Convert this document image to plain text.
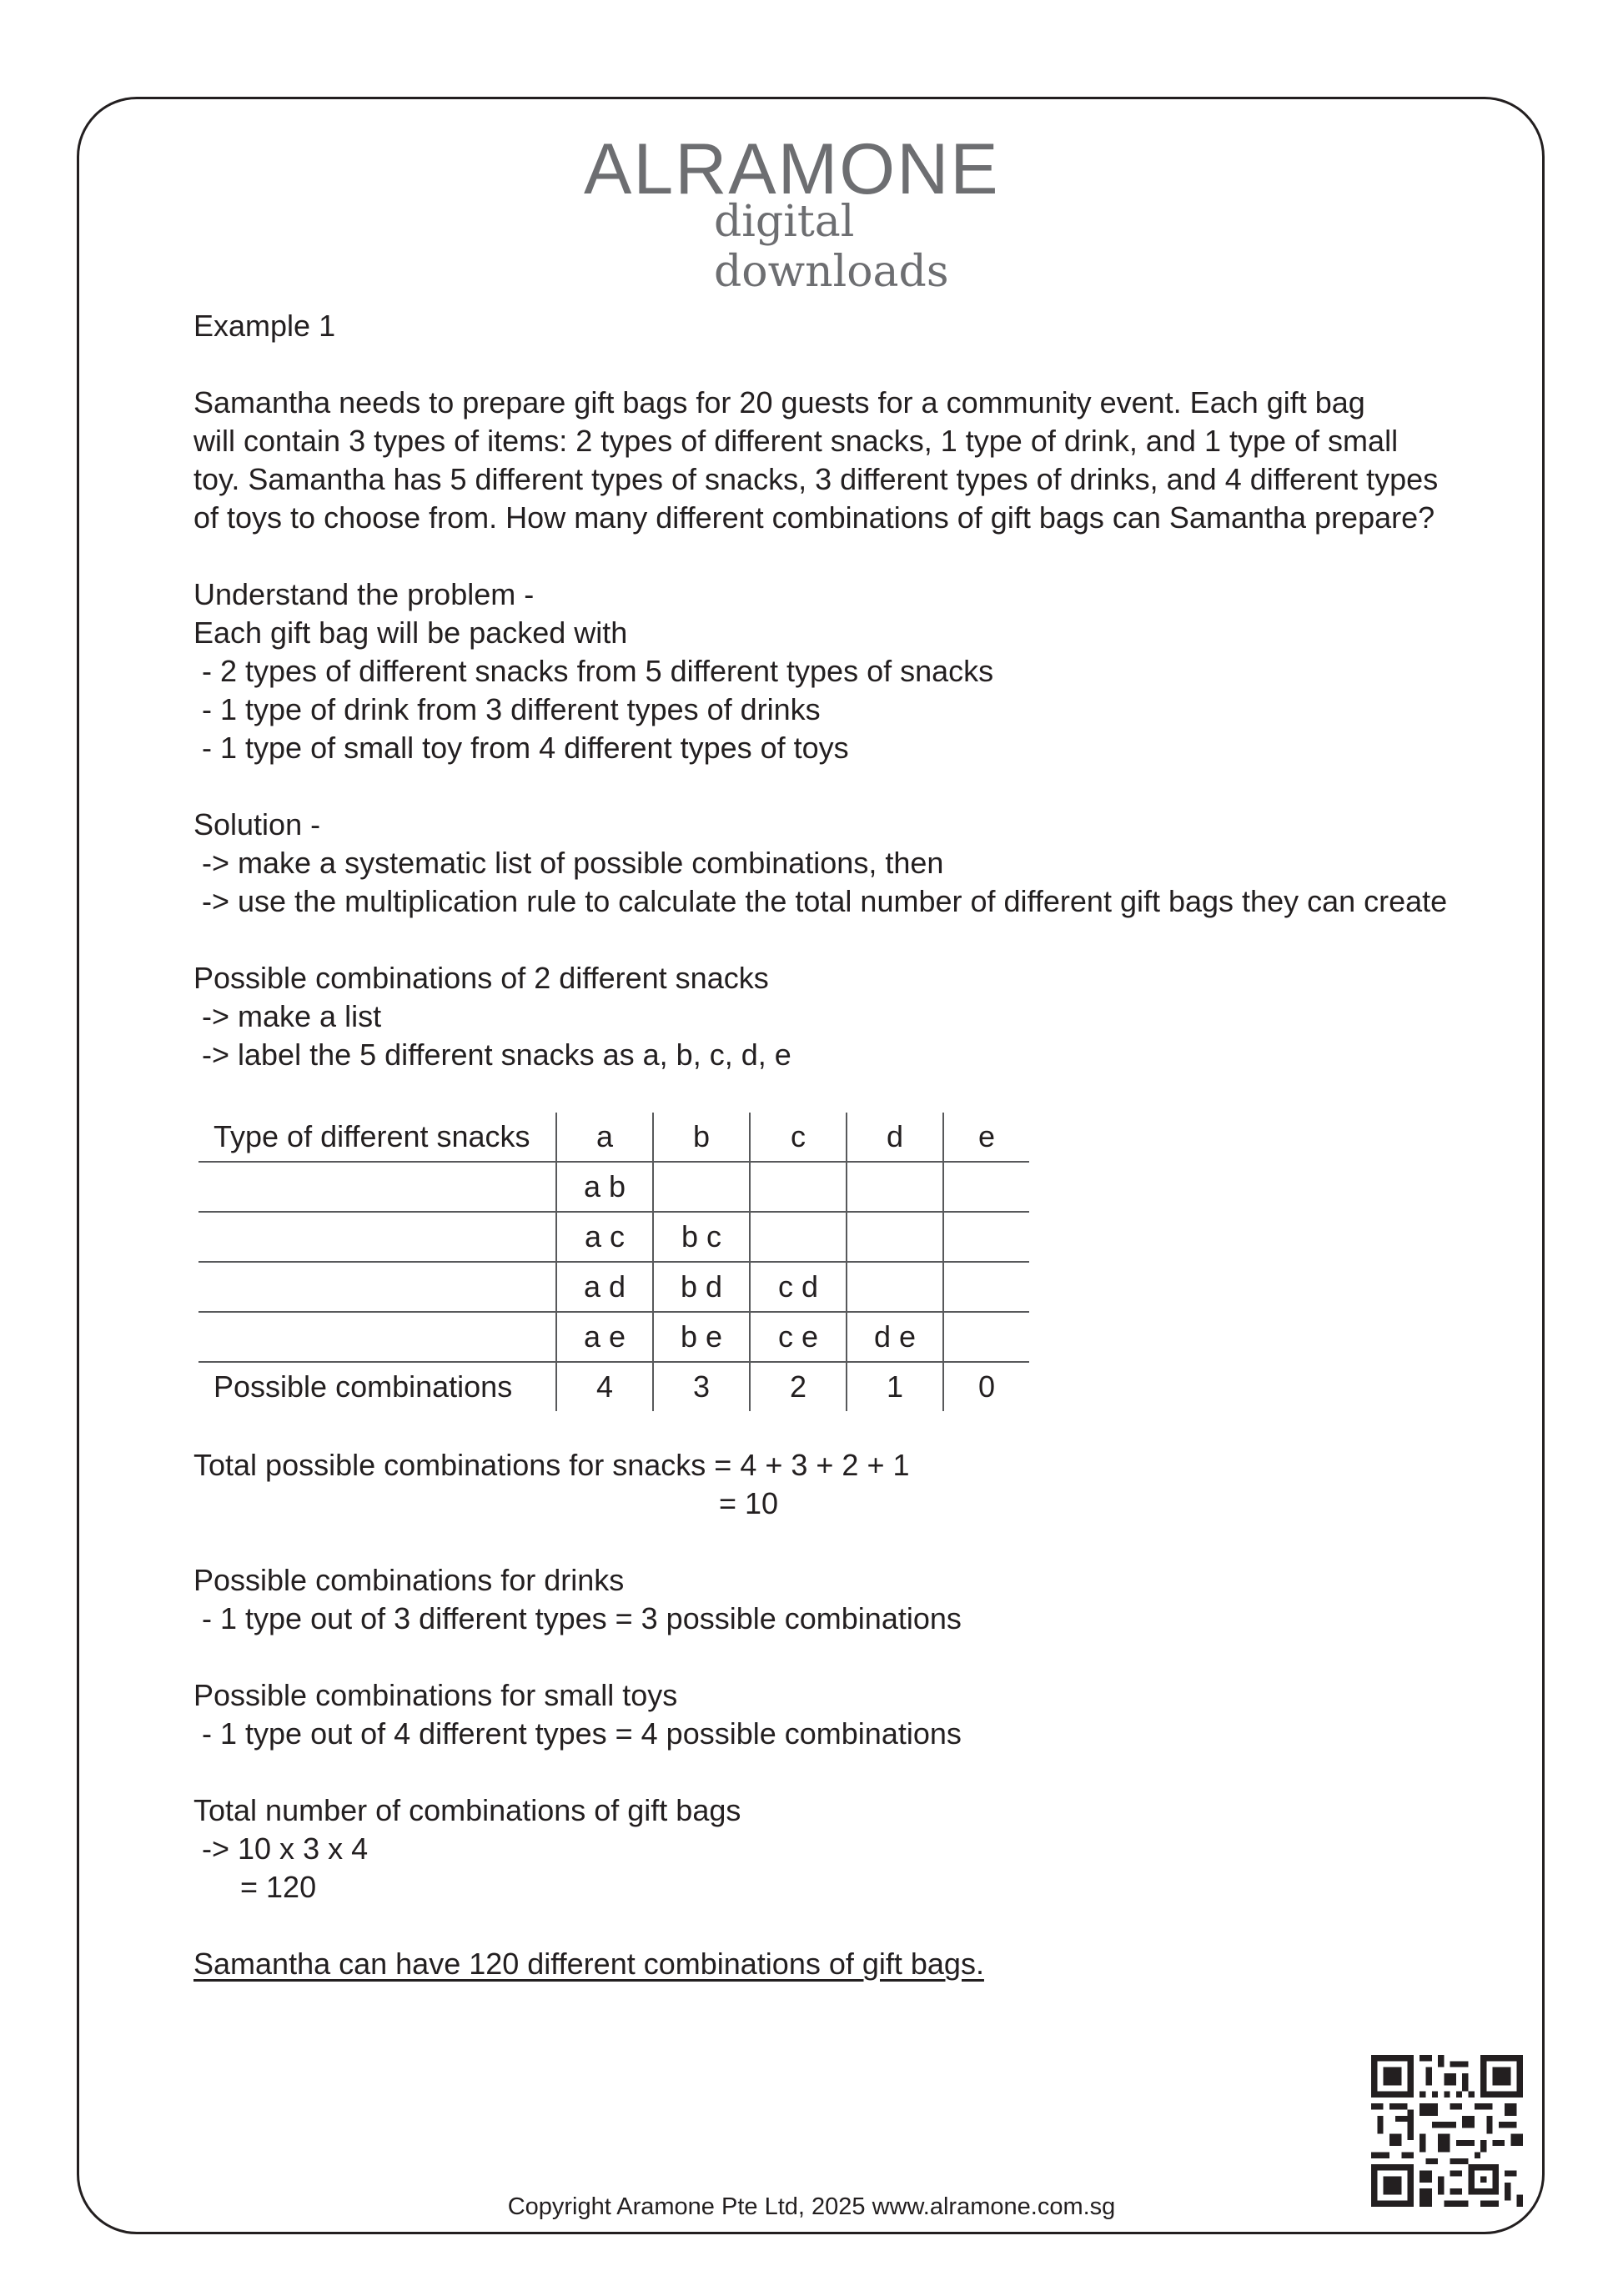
ALRAMONE
digital downloads
Example 1
Samantha needs to prepare gift bags for 20 guests for a community event. Each gift bag
will contain 3 types of items: 2 types of different snacks, 1 type of drink, and 1 type of small
toy. Samantha has 5 different types of snacks, 3 different types of drinks, and 4 different types
of toys to choose from. How many different combinations of gift bags can Samantha prepare?
Understand the problem -
Each gift bag will be packed with
- 2 types of different snacks from 5 different types of snacks
- 1 type of drink from 3 different types of drinks
- 1 type of small toy from 4 different types of toys
Solution -
-> make a systematic list of possible combinations, then
-> use the multiplication rule to calculate the total number of different gift bags they can create
Possible combinations of 2 different snacks
-> make a list
-> label the 5 different snacks as a, b, c, d, e
Type of different snacks	a	b	c	d	e
	a b				
	a c	b c			
	a d	b d	c d		
	a e	b e	c e	d e	
Possible combinations	4	3	2	1	0
Total possible combinations for snacks = 4 + 3 + 2 + 1
= 10
Possible combinations for drinks
- 1 type out of 3 different types = 3 possible combinations
Possible combinations for small toys
- 1 type out of 4 different types = 4 possible combinations
Total number of combinations of gift bags
-> 10 x 3 x 4
= 120
Samantha can have 120 different combinations of gift bags.
Copyright Aramone Pte Ltd, 2025 www.alramone.com.sg
